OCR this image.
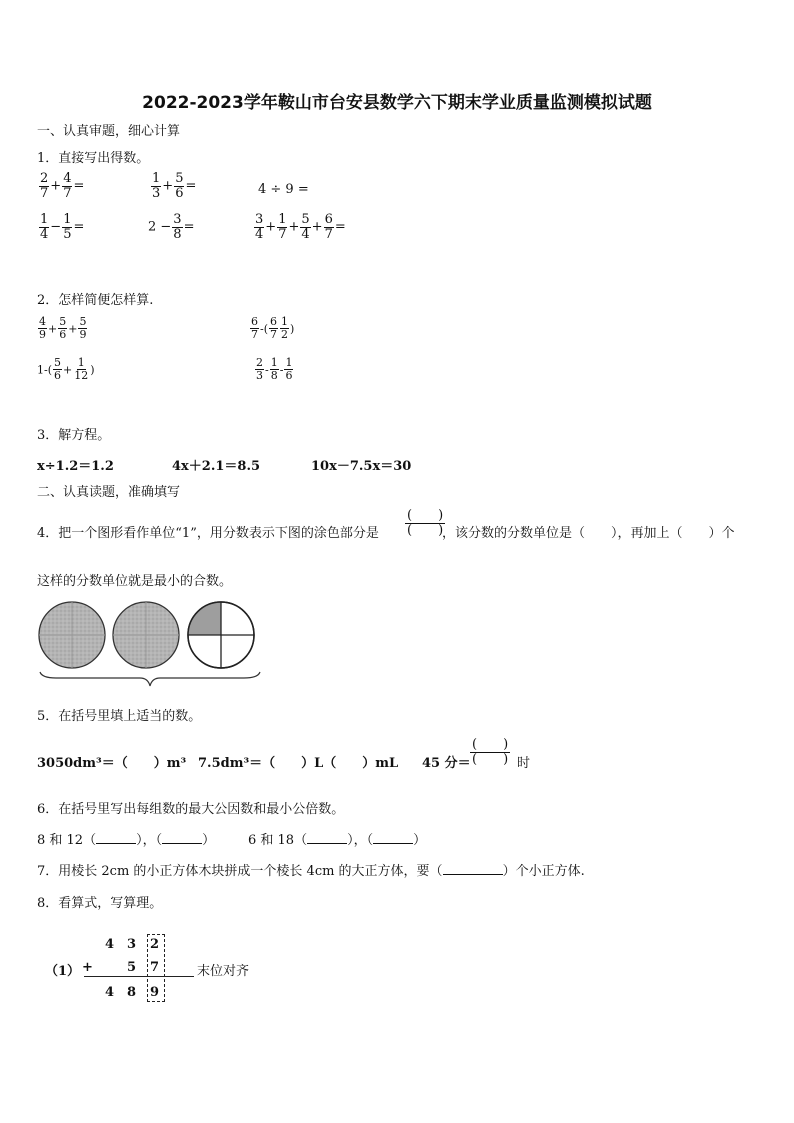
2022-2023学年鞍山市台安县数学六下期末学业质量监测模拟试题
一、认真审题，细心计算
1．直接写出得数。
$\frac{2}{7} + \frac{4}{7}$ =	$\frac{1}{3} + \frac{5}{6}$ =	4 ÷ 9 =
$\frac{1}{4} - \frac{1}{5}$ =	$2 - \frac{3}{8}$ =	$\frac{3}{4} + \frac{1}{7} + \frac{5}{4} + \frac{6}{7}$ =
2．怎样简便怎样算.
$\frac{4}{9} + \frac{5}{6} + \frac{5}{9}$	$\frac{6}{7}$ -( $\frac{6}{7} \frac{1}{2}$ )
$1-( \frac{5}{6} + \frac{1}{12}$ )	$\frac{2}{3} - \frac{1}{8} - \frac{1}{6}$
3．解方程。
x÷1.2＝1.2	4x＋2.1＝8.5	10x－7.5x＝30
二、认真读题，准确填写
4．把一个图形看作单位“1”，用分数表示下图的涂色部分是
(　　)
(　　)
，该分数的分数单位是（　　），再加上（　　）个
这样的分数单位就是最小的合数。
5．在括号里填上适当的数。
3050dm³＝（　　）m³ 7.5dm³＝（　　）L（　　）mL 45 分＝
(　　)
(　　) 时
6．在括号里写出每组数的最大公因数和最小公倍数。
8 和 12（	），（	）	6 和 18（	），（	）
7．用棱长 2cm 的小正方体木块拼成一个棱长 4cm 的大正方体，要（	）个小正方体.
8．看算式，写算理。
（1）
4 3 2
+	5 7
4 8 9
末位对齐
